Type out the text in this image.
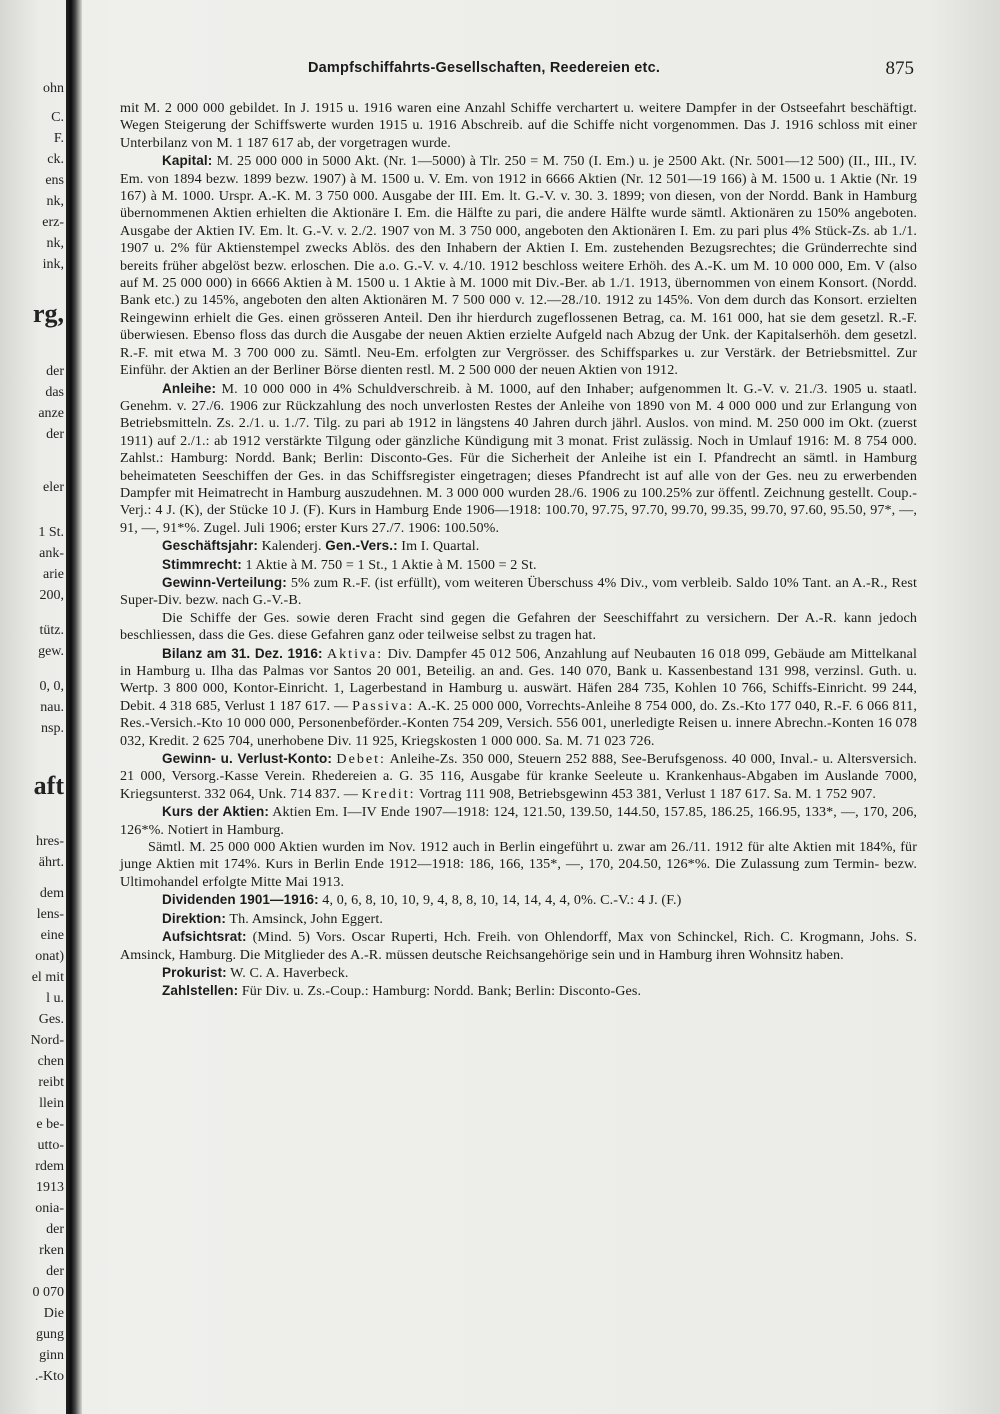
ohn
C.
F.
ck.
ens
nk,
erz-
nk,
ink,
rg,
der
das
anze
der
eler
1 St.
ank-
arie
200,
tütz.
gew.
0, 0,
nau.
nsp.
aft
hres-
ährt.
dem
lens-
eine
onat)
el mit
l u.
Ges.
Nord-
chen
reibt
llein
e be-
utto-
rdem
1913
onia-
der
rken
der
0 070
Die
gung
ginn
.-Kto
Dampfschiffahrts-Gesellschaften, Reedereien etc.	875

mit M. 2 000 000 gebildet. In J. 1915 u. 1916 waren eine Anzahl Schiffe verchartert u. weitere Dampfer in der Ostseefahrt beschäftigt. Wegen Steigerung der Schiffswerte wurden 1915 u. 1916 Abschreib. auf die Schiffe nicht vorgenommen. Das J. 1916 schloss mit einer Unterbilanz von M. 1 187 617 ab, der vorgetragen wurde.

Kapital: M. 25 000 000 in 5000 Akt. (Nr. 1—5000) à Tlr. 250 = M. 750 (I. Em.) u. je 2500 Akt. (Nr. 5001—12 500) (II., III., IV. Em. von 1894 bezw. 1899 bezw. 1907) à M. 1500 u. V. Em. von 1912 in 6666 Aktien (Nr. 12 501—19 166) à M. 1500 u. 1 Aktie (Nr. 19 167) à M. 1000. Urspr. A.-K. M. 3 750 000. Ausgabe der III. Em. lt. G.-V. v. 30. 3. 1899; von diesen, von der Nordd. Bank in Hamburg übernommenen Aktien erhielten die Aktionäre I. Em. die Hälfte zu pari, die andere Hälfte wurde sämtl. Aktionären zu 150% angeboten. Ausgabe der Aktien IV. Em. lt. G.-V. v. 2./2. 1907 von M. 3 750 000, angeboten den Aktionären I. Em. zu pari plus 4% Stück-Zs. ab 1./1. 1907 u. 2% für Aktienstempel zwecks Ablös. des den Inhabern der Aktien I. Em. zustehenden Bezugsrechtes; die Gründerrechte sind bereits früher abgelöst bezw. erloschen. Die a.o. G.-V. v. 4./10. 1912 beschloss weitere Erhöh. des A.-K. um M. 10 000 000, Em. V (also auf M. 25 000 000) in 6666 Aktien à M. 1500 u. 1 Aktie à M. 1000 mit Div.-Ber. ab 1./1. 1913, übernommen von einem Konsort. (Nordd. Bank etc.) zu 145%, angeboten den alten Aktionären M. 7 500 000 v. 12.—28./10. 1912 zu 145%. Von dem durch das Konsort. erzielten Reingewinn erhielt die Ges. einen grösseren Anteil. Den ihr hierdurch zugeflossenen Betrag, ca. M. 161 000, hat sie dem gesetzl. R.-F. überwiesen. Ebenso floss das durch die Ausgabe der neuen Aktien erzielte Aufgeld nach Abzug der Unk. der Kapitalserhöh. dem gesetzl. R.-F. mit etwa M. 3 700 000 zu. Sämtl. Neu-Em. erfolgten zur Vergrösser. des Schiffsparkes u. zur Verstärk. der Betriebsmittel. Zur Einführ. der Aktien an der Berliner Börse dienten restl. M. 2 500 000 der neuen Aktien von 1912.

Anleihe: M. 10 000 000 in 4% Schuldverschreib. à M. 1000, auf den Inhaber; aufgenommen lt. G.-V. v. 21./3. 1905 u. staatl. Genehm. v. 27./6. 1906 zur Rückzahlung des noch unverlosten Restes der Anleihe von 1890 von M. 4 000 000 und zur Erlangung von Betriebsmitteln. Zs. 2./1. u. 1./7. Tilg. zu pari ab 1912 in längstens 40 Jahren durch jährl. Auslos. von mind. M. 250 000 im Okt. (zuerst 1911) auf 2./1.: ab 1912 verstärkte Tilgung oder gänzliche Kündigung mit 3 monat. Frist zulässig. Noch in Umlauf 1916: M. 8 754 000. Zahlst.: Hamburg: Nordd. Bank; Berlin: Disconto-Ges. Für die Sicherheit der Anleihe ist ein I. Pfandrecht an sämtl. in Hamburg beheimateten Seeschiffen der Ges. in das Schiffsregister eingetragen; dieses Pfandrecht ist auf alle von der Ges. neu zu erwerbenden Dampfer mit Heimatrecht in Hamburg auszudehnen. M. 3 000 000 wurden 28./6. 1906 zu 100.25% zur öffentl. Zeichnung gestellt. Coup.-Verj.: 4 J. (K), der Stücke 10 J. (F). Kurs in Hamburg Ende 1906—1918: 100.70, 97.75, 97.70, 99.70, 99.35, 99.70, 97.60, 95.50, 97*, —, 91, —, 91*%. Zugel. Juli 1906; erster Kurs 27./7. 1906: 100.50%.

Geschäftsjahr: Kalenderj. Gen.-Vers.: Im I. Quartal.

Stimmrecht: 1 Aktie à M. 750 = 1 St., 1 Aktie à M. 1500 = 2 St.

Gewinn-Verteilung: 5% zum R.-F. (ist erfüllt), vom weiteren Überschuss 4% Div., vom verbleib. Saldo 10% Tant. an A.-R., Rest Super-Div. bezw. nach G.-V.-B.

Die Schiffe der Ges. sowie deren Fracht sind gegen die Gefahren der Seeschiffahrt zu versichern. Der A.-R. kann jedoch beschliessen, dass die Ges. diese Gefahren ganz oder teilweise selbst zu tragen hat.

Bilanz am 31. Dez. 1916: Aktiva: Div. Dampfer 45 012 506, Anzahlung auf Neubauten 16 018 099, Gebäude am Mittelkanal in Hamburg u. Ilha das Palmas vor Santos 20 001, Beteilig. an and. Ges. 140 070, Bank u. Kassenbestand 131 998, verzinsl. Guth. u. Wertp. 3 800 000, Kontor-Einricht. 1, Lagerbestand in Hamburg u. auswärt. Häfen 284 735, Kohlen 10 766, Schiffs-Einricht. 99 244, Debit. 4 318 685, Verlust 1 187 617. — Passiva: A.-K. 25 000 000, Vorrechts-Anleihe 8 754 000, do. Zs.-Kto 177 040, R.-F. 6 066 811, Res.-Versich.-Kto 10 000 000, Personenbeförder.-Konten 754 209, Versich. 556 001, unerledigte Reisen u. innere Abrechn.-Konten 16 078 032, Kredit. 2 625 704, unerhobene Div. 11 925, Kriegskosten 1 000 000. Sa. M. 71 023 726.

Gewinn- u. Verlust-Konto: Debet: Anleihe-Zs. 350 000, Steuern 252 888, See-Berufsgenoss. 40 000, Inval.- u. Altersversich. 21 000, Versorg.-Kasse Verein. Rhedereien a. G. 35 116, Ausgabe für kranke Seeleute u. Krankenhaus-Abgaben im Auslande 7000, Kriegsunterst. 332 064, Unk. 714 837. — Kredit: Vortrag 111 908, Betriebsgewinn 453 381, Verlust 1 187 617. Sa. M. 1 752 907.

Kurs der Aktien: Aktien Em. I—IV Ende 1907—1918: 124, 121.50, 139.50, 144.50, 157.85, 186.25, 166.95, 133*, —, 170, 206, 126*%. Notiert in Hamburg.

Sämtl. M. 25 000 000 Aktien wurden im Nov. 1912 auch in Berlin eingeführt u. zwar am 26./11. 1912 für alte Aktien mit 184%, für junge Aktien mit 174%. Kurs in Berlin Ende 1912—1918: 186, 166, 135*, —, 170, 204.50, 126*%. Die Zulassung zum Termin- bezw. Ultimohandel erfolgte Mitte Mai 1913.

Dividenden 1901—1916: 4, 0, 6, 8, 10, 10, 9, 4, 8, 8, 10, 14, 14, 4, 4, 0%. C.-V.: 4 J. (F.)

Direktion: Th. Amsinck, John Eggert.

Aufsichtsrat: (Mind. 5) Vors. Oscar Ruperti, Hch. Freih. von Ohlendorff, Max von Schinckel, Rich. C. Krogmann, Johs. S. Amsinck, Hamburg. Die Mitglieder des A.-R. müssen deutsche Reichsangehörige sein und in Hamburg ihren Wohnsitz haben.

Prokurist: W. C. A. Haverbeck.

Zahlstellen: Für Div. u. Zs.-Coup.: Hamburg: Nordd. Bank; Berlin: Disconto-Ges.
